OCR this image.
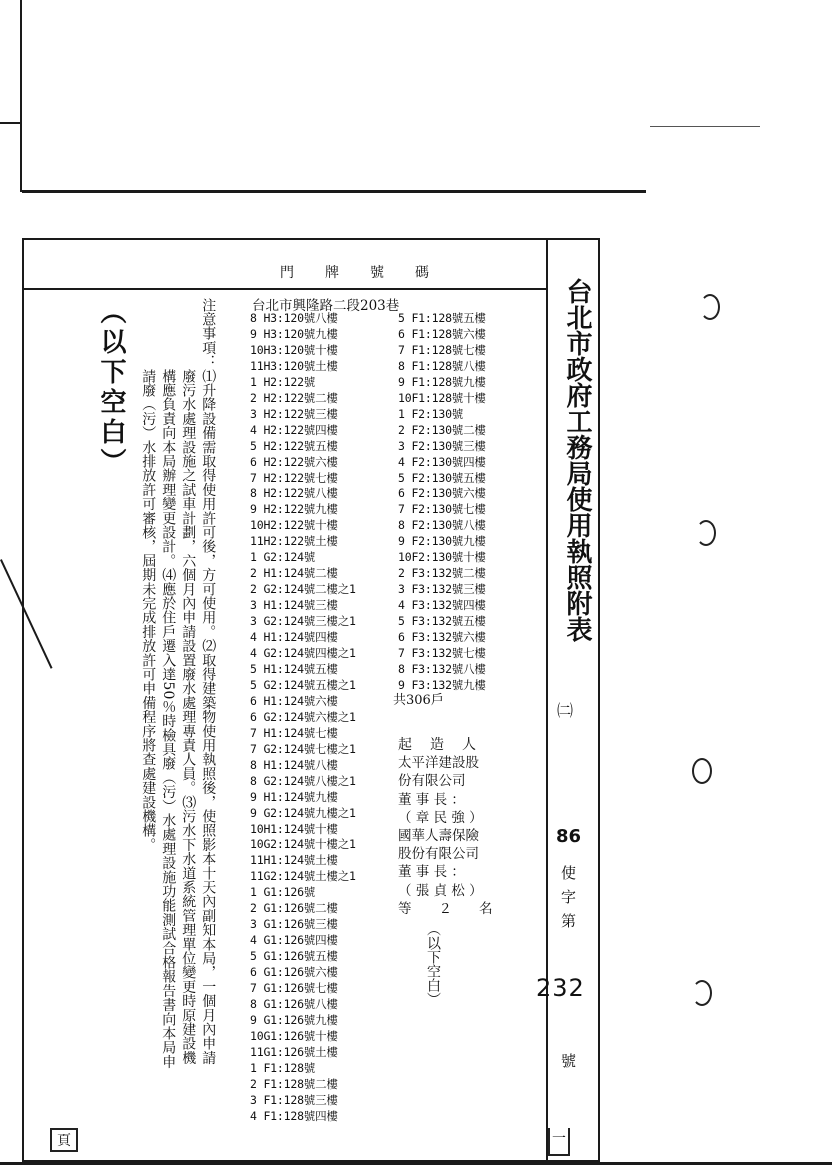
門　　牌　　號　　碼
台北市政府工務局使用執照附表
㈡
86
使
字
第
232
號
台北市興隆路二段203巷
8 H3:120號八樓
9 H3:120號九樓
10H3:120號十樓
11H3:120號土樓
1 H2:122號
2 H2:122號二樓
3 H2:122號三樓
4 H2:122號四樓
5 H2:122號五樓
6 H2:122號六樓
7 H2:122號七樓
8 H2:122號八樓
9 H2:122號九樓
10H2:122號十樓
11H2:122號土樓
1 G2:124號
2 H1:124號二樓
2 G2:124號二樓之1
3 H1:124號三樓
3 G2:124號三樓之1
4 H1:124號四樓
4 G2:124號四樓之1
5 H1:124號五樓
5 G2:124號五樓之1
6 H1:124號六樓
6 G2:124號六樓之1
7 H1:124號七樓
7 G2:124號七樓之1
8 H1:124號八樓
8 G2:124號八樓之1
9 H1:124號九樓
9 G2:124號九樓之1
10H1:124號十樓
10G2:124號十樓之1
11H1:124號土樓
11G2:124號土樓之1
1 G1:126號
2 G1:126號二樓
3 G1:126號三樓
4 G1:126號四樓
5 G1:126號五樓
6 G1:126號六樓
7 G1:126號七樓
8 G1:126號八樓
9 G1:126號九樓
10G1:126號十樓
11G1:126號土樓
1 F1:128號
2 F1:128號二樓
3 F1:128號三樓
4 F1:128號四樓
5 F1:128號五樓
6 F1:128號六樓
7 F1:128號七樓
8 F1:128號八樓
9 F1:128號九樓
10F1:128號十樓
1 F2:130號
2 F2:130號二樓
3 F2:130號三樓
4 F2:130號四樓
5 F2:130號五樓
6 F2:130號六樓
7 F2:130號七樓
8 F2:130號八樓
9 F2:130號九樓
10F2:130號十樓
2 F3:132號二樓
3 F3:132號三樓
4 F3:132號四樓
5 F3:132號五樓
6 F3:132號六樓
7 F3:132號七樓
8 F3:132號八樓
9 F3:132號九樓
共306戶
起　造　人
太平洋建設股
份有限公司
董 事 長 ：
（ 章 民 強 ）
國華人壽保險
股份有限公司
董 事 長 ：
（ 張 貞 松 ）
等　　２　　名
（以下空白）
注意事項：⑴升降設備需取得使用許可後，方可使用。⑵取得建築物使用執照後，使照影本十天內副知本局，一個月內申請
　　　　　廢污水處理設施之試車計劃，六個月內申請設置廢水處理專責人員。⑶污水下水道系統管理單位變更時原建設機
　　　　　構應負責向本局辦理變更設計。⑷應於住戶遷入達50％時檢具廢（污）水處理設施功能測試合格報告書向本局申
　　　　　請廢（污）水排放許可審核，屆期未完成排放許可申備程序將查處建設機構。
（以下空白）
頁	一
